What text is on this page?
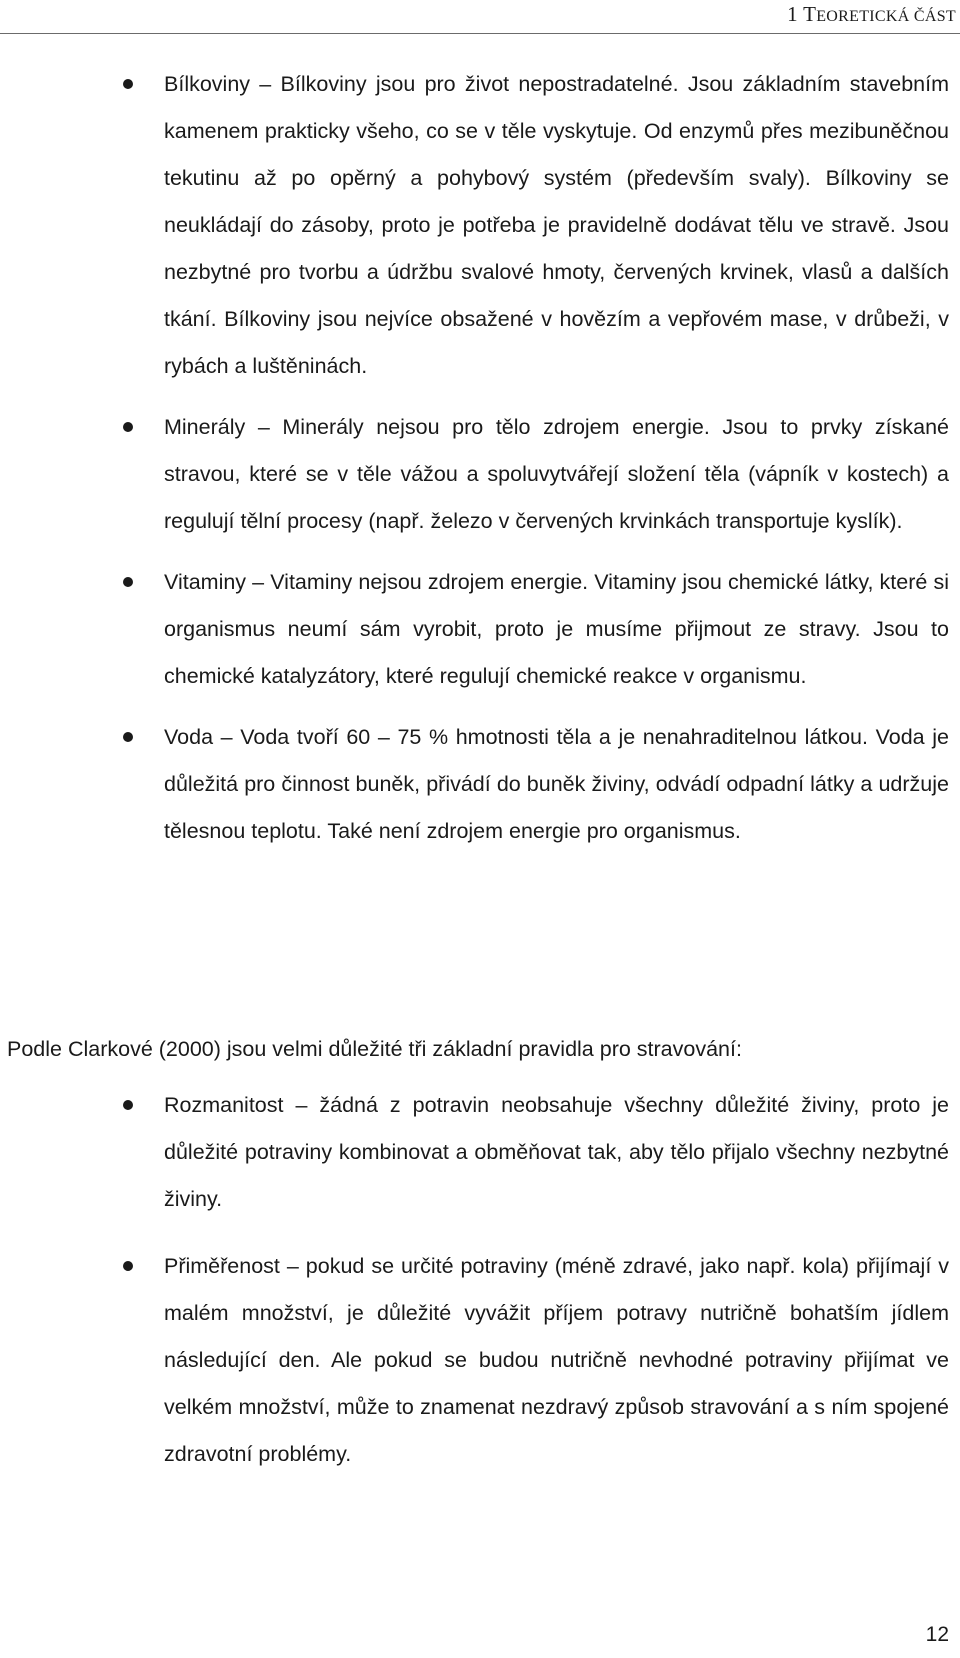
1 TEORETICKÁ ČÁST
Bílkoviny – Bílkoviny jsou pro život nepostradatelné. Jsou základním stavebním kamenem prakticky všeho, co se v těle vyskytuje. Od enzymů přes mezibuněčnou tekutinu až po opěrný a pohybový systém (především svaly). Bílkoviny se neukládají do zásoby, proto je potřeba je pravidelně dodávat tělu ve stravě. Jsou nezbytné pro tvorbu a údržbu svalové hmoty, červených krvinek, vlasů a dalších tkání. Bílkoviny jsou nejvíce obsažené v hovězím a vepřovém mase, v drůbeži, v rybách a luštěninách.
Minerály – Minerály nejsou pro tělo zdrojem energie. Jsou to prvky získané stravou, které se v těle vážou a spoluvytvářejí složení těla (vápník v kostech) a regulují tělní procesy (např. železo v červených krvinkách transportuje kyslík).
Vitaminy – Vitaminy nejsou zdrojem energie. Vitaminy jsou chemické látky, které si organismus neumí sám vyrobit, proto je musíme přijmout ze stravy. Jsou to chemické katalyzátory, které regulují chemické reakce v organismu.
Voda – Voda tvoří 60 – 75 % hmotnosti těla a je nenahraditelnou látkou. Voda je důležitá pro činnost buněk, přivádí do buněk živiny, odvádí odpadní látky a udržuje tělesnou teplotu. Také není zdrojem energie pro organismus.

Podle Clarkové (2000) jsou velmi důležité tři základní pravidla pro stravování:

Rozmanitost – žádná z potravin neobsahuje všechny důležité živiny, proto je důležité potraviny kombinovat a obměňovat tak, aby tělo přijalo všechny nezbytné živiny.
Přiměřenost – pokud se určité potraviny (méně zdravé, jako např. kola) přijímají v malém množství, je důležité vyvážit příjem potravy nutričně bohatším jídlem následující den. Ale pokud se budou nutričně nevhodné potraviny přijímat ve velkém množství, může to znamenat nezdravý způsob stravování a s ním spojené zdravotní problémy.
12
